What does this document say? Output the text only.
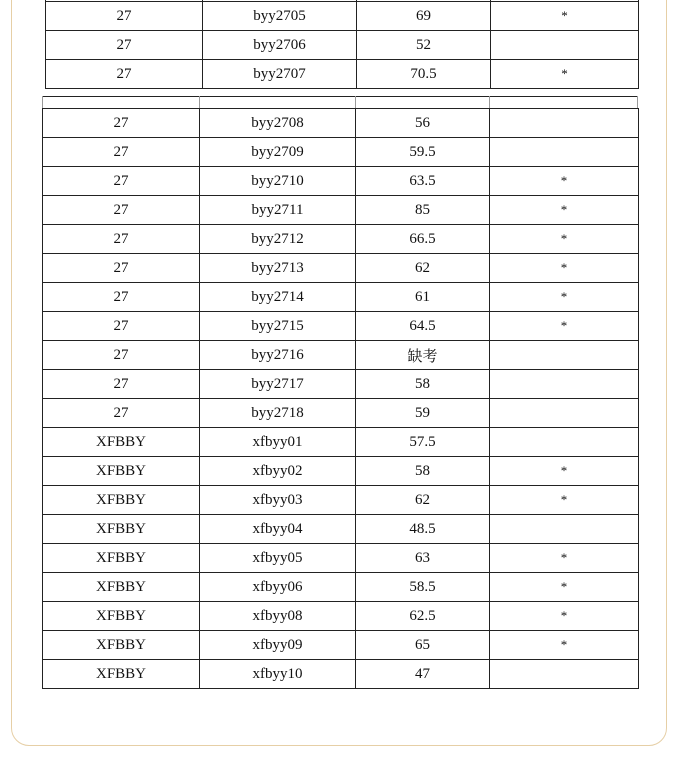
27	byy2705	69	*
27	byy2706	52	
27	byy2707	70.5	*
27	byy2708	56	
27	byy2709	59.5	
27	byy2710	63.5	*
27	byy2711	85	*
27	byy2712	66.5	*
27	byy2713	62	*
27	byy2714	61	*
27	byy2715	64.5	*
27	byy2716	缺考	
27	byy2717	58	
27	byy2718	59	
XFBBY	xfbyy01	57.5	
XFBBY	xfbyy02	58	*
XFBBY	xfbyy03	62	*
XFBBY	xfbyy04	48.5	
XFBBY	xfbyy05	63	*
XFBBY	xfbyy06	58.5	*
XFBBY	xfbyy08	62.5	*
XFBBY	xfbyy09	65	*
XFBBY	xfbyy10	47	
